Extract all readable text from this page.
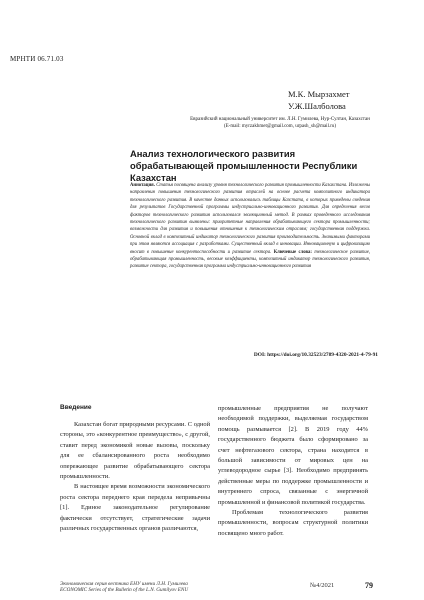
МРНТИ 06.71.03
М.К. Мырзахмет
У.Ж.Шалболова
Евразийский национальный университет им. Л.Н. Гумилева, Нур-Султан, Казахстан
(E-mail: myrzakhmet@gmail.com, urpash_sh@mail.ru)
Анализ технологического развития обрабатывающей промышленности Республики Казахстан
Аннотация. Статья посвящена анализу уровня технологического развития промышленности Казахстана. Изложены направления повышения технологического развития отраслей на основе расчета композитного индикатора технологического развития. В качестве данных использовались таблицы Казстата, в которых приведены сведения для результатов Государственной программы индустриально-инновационного развития. Для определения весов факторов технологического развития использовался эволюционный метод. В рамках проведенного исследования технологического развития выявлены: приоритетные направления обрабатывающего сектора промышленности; возможности для развития и повышения отношения к технологическим отраслям; государственная поддержка. Основной вклад в композитный индикатор технологического развития производительность. Значимыми факторами при этом являются ассоциация с разработками. Существенный вклад в инновации. Инновационную и цифровизацию вносит в повышение конкурентоспособности и развитие сектора. Ключевые слова: технологическое развитие, обрабатывающая промышленность, весовые коэффициенты, композитный индикатор технологического развития, развитие сектора, государственная программа индустриально-инновационного развития
DOI: https://doi.org/10.32523/2789-4320-2021-4-79-91
Введение

Казахстан богат природными ресурсами. С одной стороны, это «конкурентное преимущество», с другой, ставит перед экономикой новые вызовы, поскольку для ее сбалансированного роста необходимо опережающее развитие обрабатывающего сектора промышленности.

В настоящее время возможности экономического роста сектора переднего края передела непривычны [1]. Единое законодательное регулирование фактически отсутствует, стратегические задачи различных государственных органов различаются,

промышленные предприятия не получают необходимой поддержки, выделяемая государством помощь размывается [2]. В 2019 году 44% государственного бюджета было сформировано за счет нефтегазового сектора, страна находится в большой зависимости от мировых цен на углеводородное сырье [3]. Необходимо предпринять действенные меры по поддержке промышленности и внутреннего спроса, связанные с энергичной промышленной и финансовой политикой государства.

Проблемам технологического развития промышленности, вопросам структурной политики посвящено много работ.

Экономическая серия вестника ЕНУ имени Л.Н. Гумилева
ECONOMIC Series of the Bulletin of the L.N. Gumilyov ENU
№4/2021	79
